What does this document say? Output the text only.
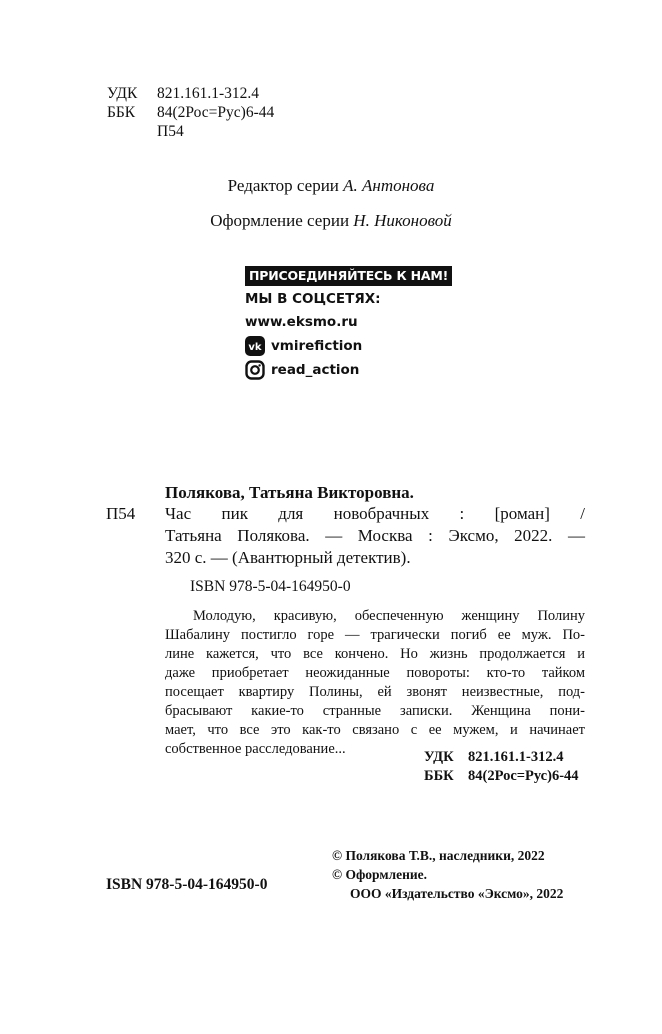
УДК	821.161.1-312.4
ББК	84(2Рос=Рус)6-44
П54
Редактор серии А. Антонова
Оформление серии Н. Никоновой
ПРИСОЕДИНЯЙТЕСЬ К НАМ!
МЫ В СОЦСЕТЯХ:
www.eksmo.ru
vk vmirefiction
read_action
Полякова, Татьяна Викторовна.
П54 Час пик для новобрачных : [роман] /
Татьяна Полякова. — Москва : Эксмо, 2022. —
320 с. — (Авантюрный детектив).
ISBN 978-5-04-164950-0
Молодую, красивую, обеспеченную женщину Полину
Шабалину постигло горе — трагически погиб ее муж. По-
лине кажется, что все кончено. Но жизнь продолжается и
даже приобретает неожиданные повороты: кто-то тайком
посещает квартиру Полины, ей звонят неизвестные, под-
брасывают какие-то странные записки. Женщина пони-
мает, что все это как-то связано с ее мужем, и начинает
собственное расследование...	УДК 821.161.1-312.4
ББК 84(2Рос=Рус)6-44
ISBN 978-5-04-164950-0
© Полякова Т.В., наследники, 2022
© Оформление.
ООО «Издательство «Эксмо», 2022
